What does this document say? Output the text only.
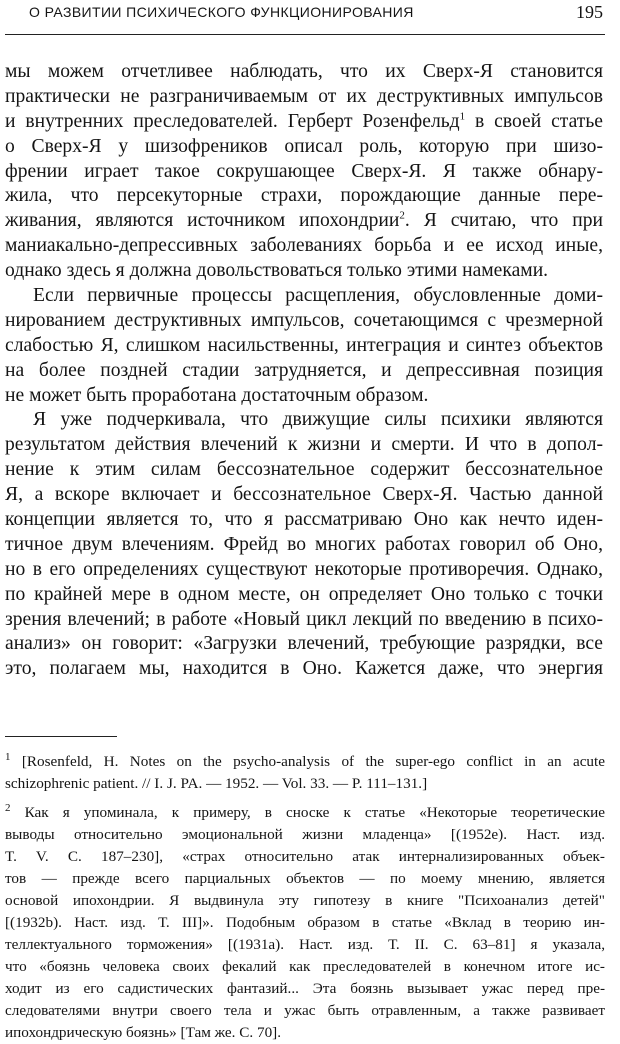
О РАЗВИТИИ ПСИХИЧЕСКОГО ФУНКЦИОНИРОВАНИЯ	195
мы можем отчетливее наблюдать, что их Сверх-Я становится
практически не разграничиваемым от их деструктивных импульсов
и внутренних преследователей. Герберт Розенфельд$^1$ в своей статье
о Сверх-Я у шизофреников описал роль, которую при шизо-
френии играет такое сокрушающее Сверх-Я. Я также обнару-
жила, что персекуторные страхи, порождающие данные пере-
живания, являются источником ипохондрии$^2$. Я считаю, что при
маниакально-депрессивных заболеваниях борьба и ее исход иные,
однако здесь я должна довольствоваться только этими намеками.
Если первичные процессы расщепления, обусловленные доми-
нированием деструктивных импульсов, сочетающимся с чрезмерной
слабостью Я, слишком насильственны, интеграция и синтез объектов
на более поздней стадии затрудняется, и депрессивная позиция
не может быть проработана достаточным образом.
Я уже подчеркивала, что движущие силы психики являются
результатом действия влечений к жизни и смерти. И что в допол-
нение к этим силам бессознательное содержит бессознательное
Я, а вскоре включает и бессознательное Сверх-Я. Частью данной
концепции является то, что я рассматриваю Оно как нечто иден-
тичное двум влечениям. Фрейд во многих работах говорил об Оно,
но в его определениях существуют некоторые противоречия. Однако,
по крайней мере в одном месте, он определяет Оно только с точки
зрения влечений; в работе «Новый цикл лекций по введению в психо-
анализ» он говорит: «Загрузки влечений, требующие разрядки, все
это, полагаем мы, находится в Оно. Кажется даже, что энергия
$^1$ [Rosenfeld, H. Notes on the psycho-analysis of the super-ego conflict in an acute
schizophrenic patient. // I. J. PA. — 1952. — Vol. 33. — P. 111–131.]
$^2$ Как я упоминала, к примеру, в сноске к статье «Некоторые теоретические
выводы относительно эмоциональной жизни младенца» [(1952e). Наст. изд.
T. V. С. 187–230], «страх относительно атак интернализированных объек-
тов — прежде всего парциальных объектов — по моему мнению, является
основой ипохондрии. Я выдвинула эту гипотезу в книге "Психоанализ детей"
[(1932b). Наст. изд. Т. III]». Подобным образом в статье «Вклад в теорию ин-
теллектуального торможения» [(1931a). Наст. изд. Т. II. С. 63–81] я указала,
что «боязнь человека своих фекалий как преследователей в конечном итоге ис-
ходит из его садистических фантазий... Эта боязнь вызывает ужас перед пре-
следователями внутри своего тела и ужас быть отравленным, а также развивает
ипохондрическую боязнь» [Там же. С. 70].
